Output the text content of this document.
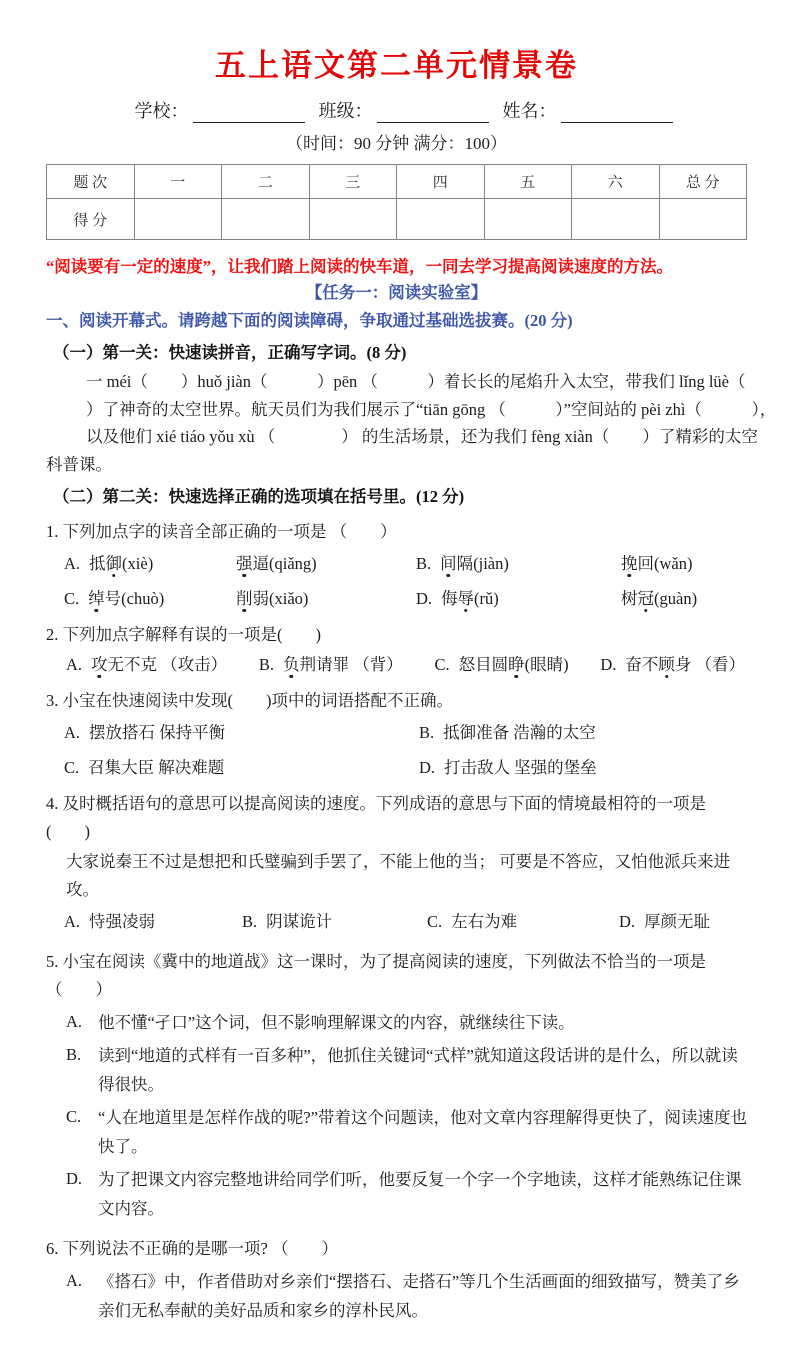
五上语文第二单元情景卷
学校：	班级：	姓名：
（时间：90 分钟 满分：100）
题 次	一	二	三	四	五	六	总 分
得 分							

“阅读要有一定的速度”，让我们踏上阅读的快车道，一同去学习提高阅读速度的方法。

【任务一：阅读实验室】

一、阅读开幕式。请跨越下面的阅读障碍，争取通过基础选拔赛。(20 分)

（一）第一关：快速读拼音，正确写字词。(8 分)

一 méi（　　）huǒ jiàn（　　　）pēn （　　　）着长长的尾焰升入太空，带我们 lǐng lüè（
）了神奇的太空世界。航天员们为我们展示了“tiān gōng （　　　）”空间站的 pèi zhì（　　　），
以及他们 xié tiáo yǒu xù （　　　　） 的生活场景，还为我们 fèng xiàn（　　）了精彩的太空
科普课。

（二）第二关：快速选择正确的选项填在括号里。(12 分)

1. 下列加点字的读音全部正确的一项是 （　　）
A. 抵御(xiè)	强逼(qiǎng)	B. 间隔(jiàn)	挽回(wǎn)
C. 绰号(chuò)	削弱(xiǎo)	D. 侮辱(rǔ)	树冠(guàn)
2. 下列加点字解释有误的一项是(　　)
A. 攻无不克 （攻击） B. 负荆请罪 （背） C. 怒目圆睁(眼睛) D. 奋不顾身 （看）
3. 小宝在快速阅读中发现(　　)项中的词语搭配不正确。
A. 摆放搭石 保持平衡	B. 抵御准备 浩瀚的太空
C. 召集大臣 解决难题	D. 打击敌人 坚强的堡垒
4. 及时概括语句的意思可以提高阅读的速度。下列成语的意思与下面的情境最相符的一项是(　　)
大家说秦王不过是想把和氏璧骗到手罢了，不能上他的当； 可要是不答应，又怕他派兵来进攻。
A. 恃强凌弱	B. 阴谋诡计	C. 左右为难	D. 厚颜无耻
5. 小宝在阅读《冀中的地道战》这一课时，为了提高阅读的速度，下列做法不恰当的一项是（　　）
A. 他不懂“孑口”这个词，但不影响理解课文的内容，就继续往下读。
B.	读到“地道的式样有一百多种”，他抓住关键词“式样”就知道这段话讲的是什么，所以就读得很快。
C.	“人在地道里是怎样作战的呢?”带着这个问题读，他对文章内容理解得更快了，阅读速度也快了。
D. 为了把课文内容完整地讲给同学们听，他要反复一个字一个字地读，这样才能熟练记住课文内容。
6. 下列说法不正确的是哪一项? （　　）
A. 《搭石》中，作者借助对乡亲们“摆搭石、走搭石”等几个生活画面的细致描写，赞美了乡亲们无私奉献的美好品质和家乡的淳朴民风。
